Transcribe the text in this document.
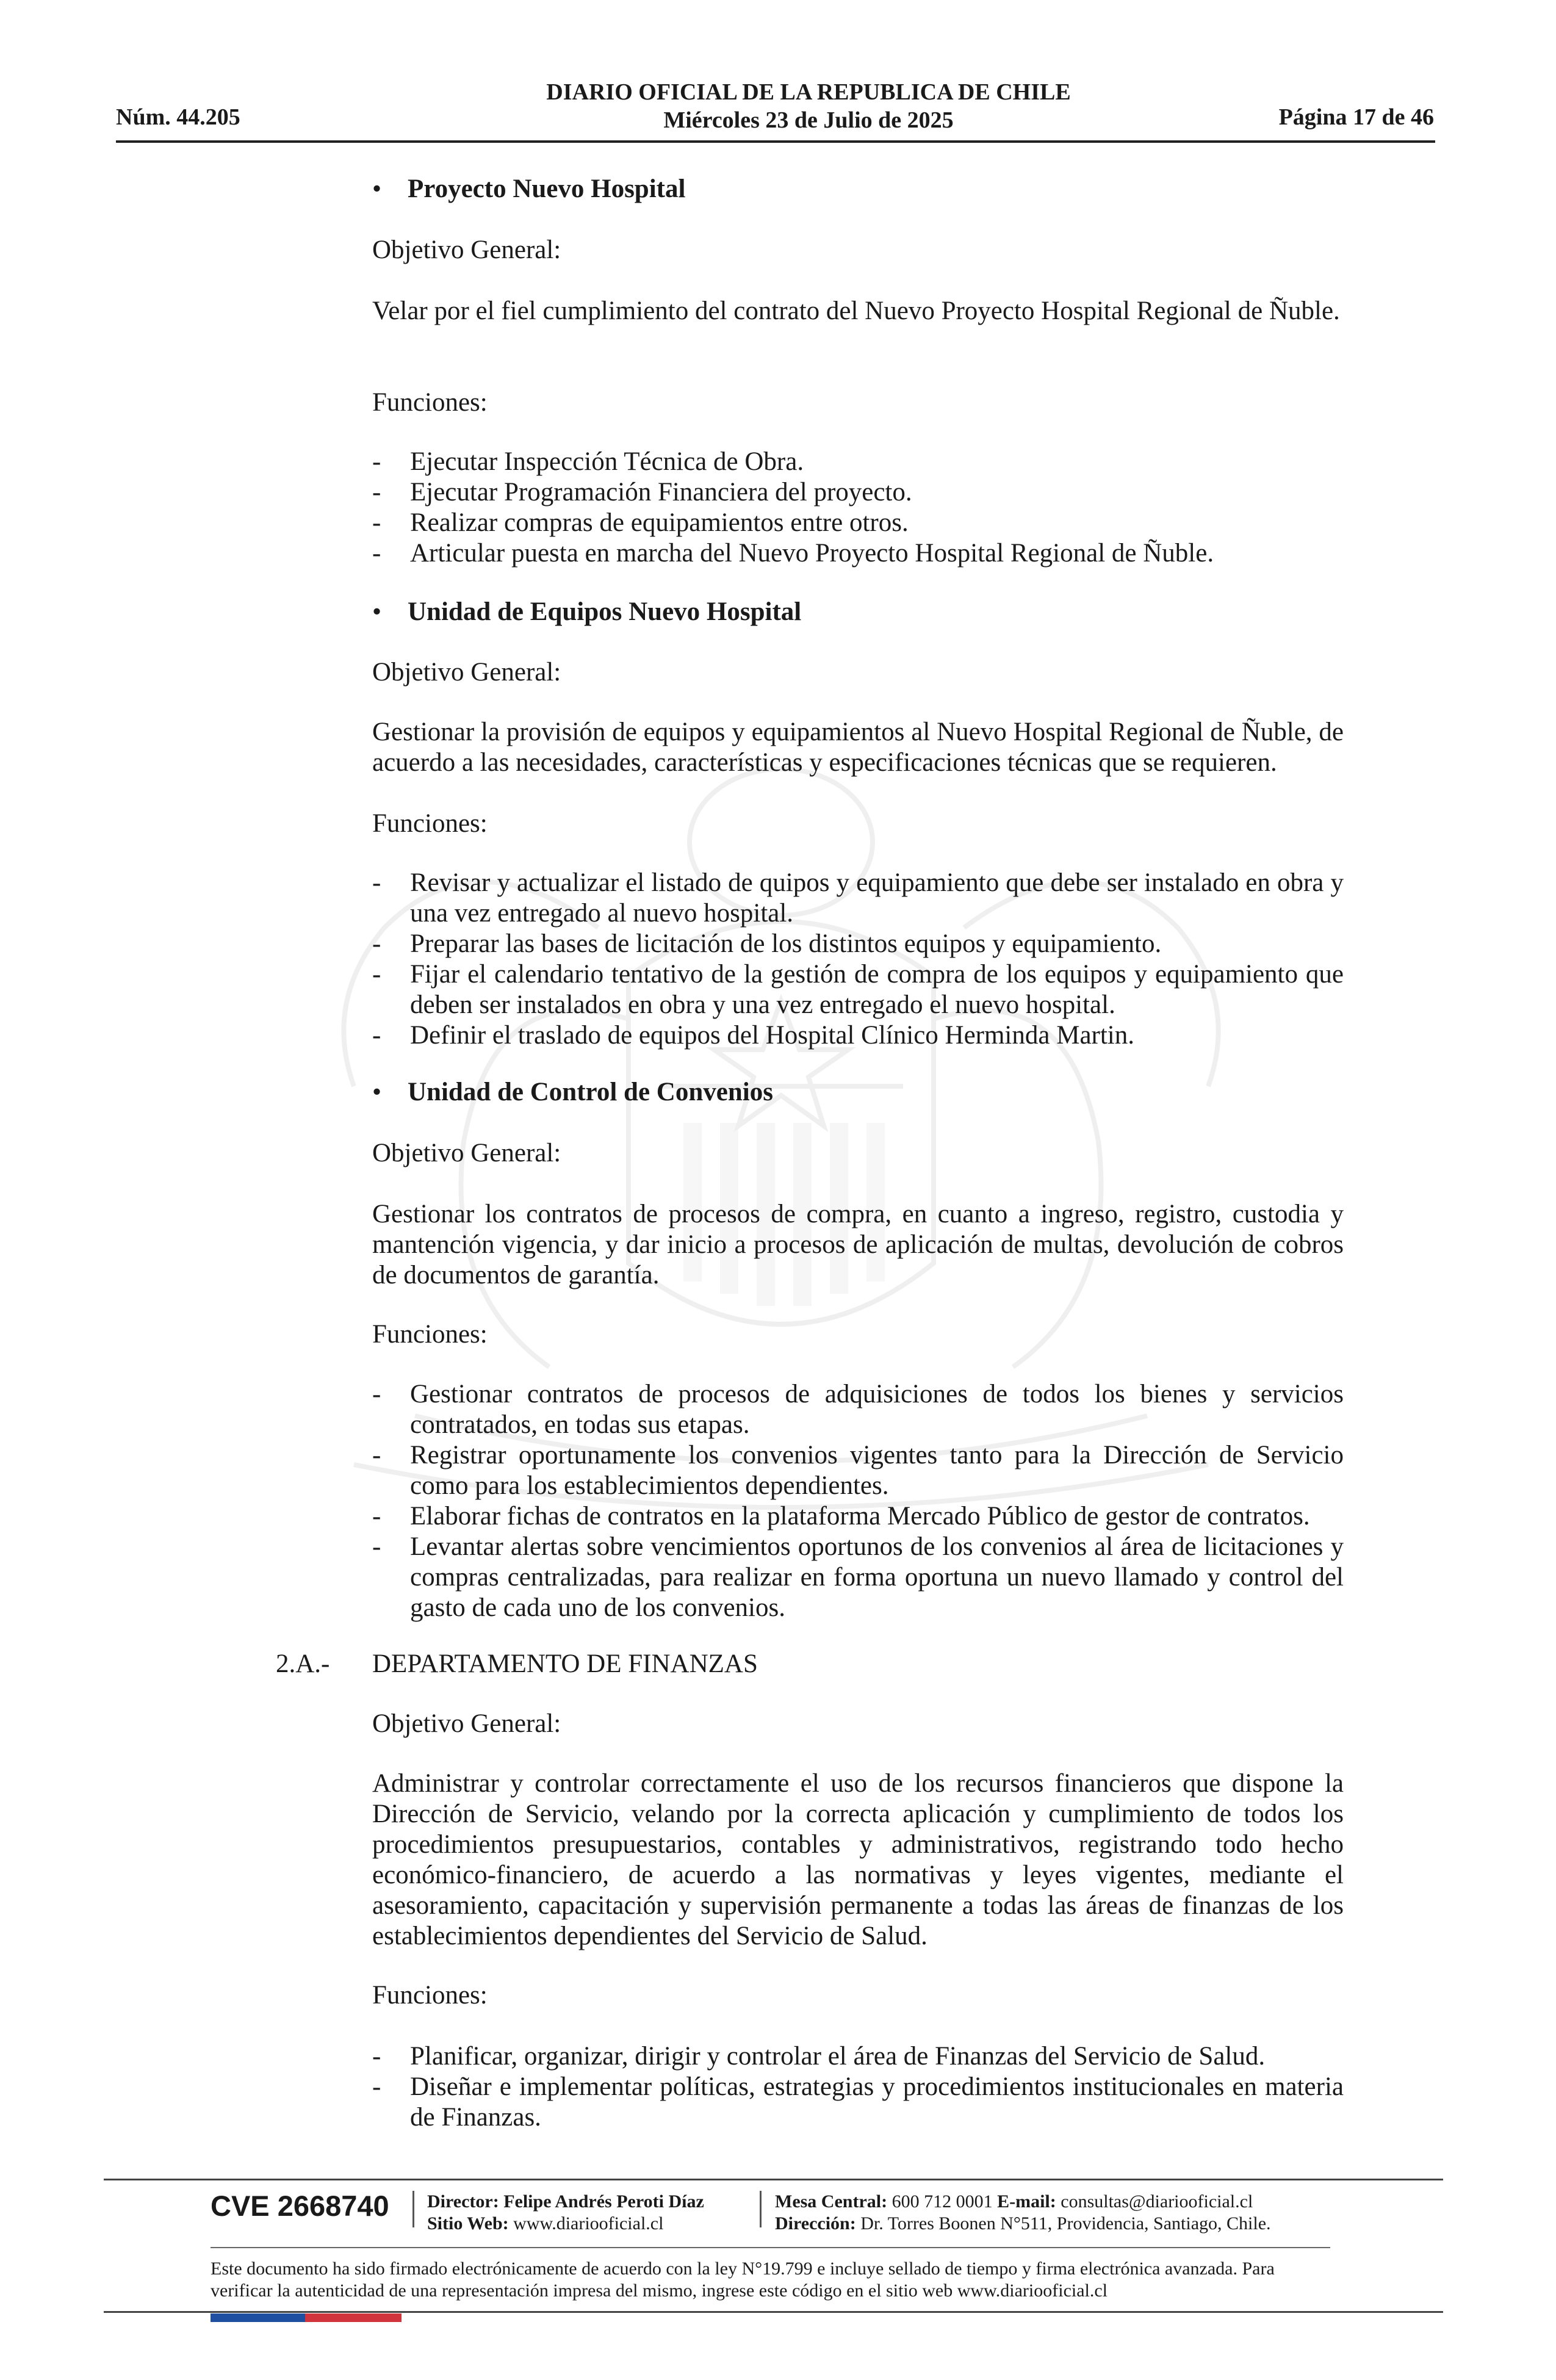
Núm. 44.205
DIARIO OFICIAL DE LA REPUBLICA DE CHILE
Miércoles 23 de Julio de 2025	Página 17 de 46
• Proyecto Nuevo Hospital
Objetivo General:
Velar por el fiel cumplimiento del contrato del Nuevo Proyecto Hospital Regional de Ñuble.
Funciones:
- Ejecutar Inspección Técnica de Obra.
- Ejecutar Programación Financiera del proyecto.
- Realizar compras de equipamientos entre otros.
- Articular puesta en marcha del Nuevo Proyecto Hospital Regional de Ñuble.
• Unidad de Equipos Nuevo Hospital
Objetivo General:
Gestionar la provisión de equipos y equipamientos al Nuevo Hospital Regional de Ñuble, de acuerdo a las necesidades, características y especificaciones técnicas que se requieren.
Funciones:
- Revisar y actualizar el listado de quipos y equipamiento que debe ser instalado en obra y una vez entregado al nuevo hospital.
- Preparar las bases de licitación de los distintos equipos y equipamiento.
- Fijar el calendario tentativo de la gestión de compra de los equipos y equipamiento que deben ser instalados en obra y una vez entregado el nuevo hospital.
- Definir el traslado de equipos del Hospital Clínico Herminda Martin.
• Unidad de Control de Convenios
Objetivo General:
Gestionar los contratos de procesos de compra, en cuanto a ingreso, registro, custodia y mantención vigencia, y dar inicio a procesos de aplicación de multas, devolución de cobros de documentos de garantía.
Funciones:
- Gestionar contratos de procesos de adquisiciones de todos los bienes y servicios contratados, en todas sus etapas.
- Registrar oportunamente los convenios vigentes tanto para la Dirección de Servicio como para los establecimientos dependientes.
- Elaborar fichas de contratos en la plataforma Mercado Público de gestor de contratos.
- Levantar alertas sobre vencimientos oportunos de los convenios al área de licitaciones y compras centralizadas, para realizar en forma oportuna un nuevo llamado y control del gasto de cada uno de los convenios.
2.A.- DEPARTAMENTO DE FINANZAS
Objetivo General:
Administrar y controlar correctamente el uso de los recursos financieros que dispone la Dirección de Servicio, velando por la correcta aplicación y cumplimiento de todos los procedimientos presupuestarios, contables y administrativos, registrando todo hecho económico-financiero, de acuerdo a las normativas y leyes vigentes, mediante el asesoramiento, capacitación y supervisión permanente a todas las áreas de finanzas de los establecimientos dependientes del Servicio de Salud.
Funciones:
- Planificar, organizar, dirigir y controlar el área de Finanzas del Servicio de Salud.
- Diseñar e implementar políticas, estrategias y procedimientos institucionales en materia de Finanzas.
CVE 2668740 Director: Felipe Andrés Peroti Díaz
Sitio Web: www.diariooficial.cl
Mesa Central: 600 712 0001 E-mail: consultas@diariooficial.cl
Dirección: Dr. Torres Boonen N°511, Providencia, Santiago, Chile.
Este documento ha sido firmado electrónicamente de acuerdo con la ley N°19.799 e incluye sellado de tiempo y firma electrónica avanzada. Para verificar la autenticidad de una representación impresa del mismo, ingrese este código en el sitio web www.diariooficial.cl
